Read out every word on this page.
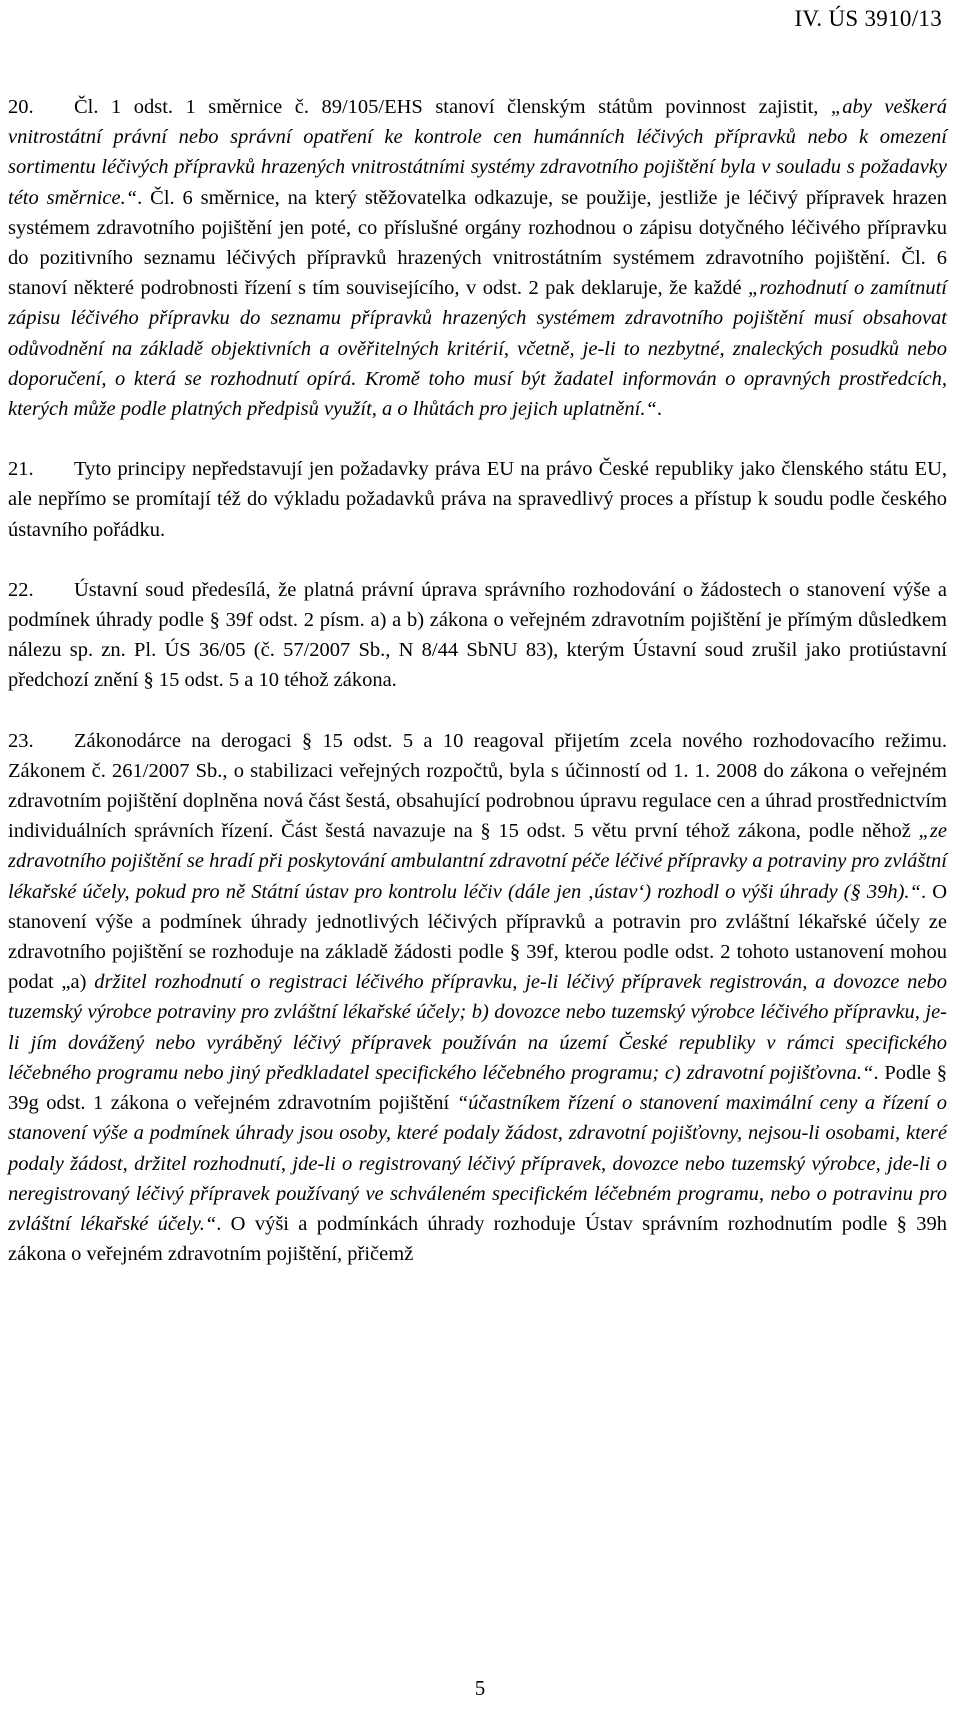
IV. ÚS 3910/13

20. Čl. 1 odst. 1 směrnice č. 89/105/EHS stanoví členským státům povinnost zajistit, „aby veškerá vnitrostátní právní nebo správní opatření ke kontrole cen humánních léčivých přípravků nebo k omezení sortimentu léčivých přípravků hrazených vnitrostátními systémy zdravotního pojištění byla v souladu s požadavky této směrnice.“. Čl. 6 směrnice, na který stěžovatelka odkazuje, se použije, jestliže je léčivý přípravek hrazen systémem zdravotního pojištění jen poté, co příslušné orgány rozhodnou o zápisu dotyčného léčivého přípravku do pozitivního seznamu léčivých přípravků hrazených vnitrostátním systémem zdravotního pojištění. Čl. 6 stanoví některé podrobnosti řízení s tím souvisejícího, v odst. 2 pak deklaruje, že každé „rozhodnutí o zamítnutí zápisu léčivého přípravku do seznamu přípravků hrazených systémem zdravotního pojištění musí obsahovat odůvodnění na základě objektivních a ověřitelných kritérií, včetně, je-li to nezbytné, znaleckých posudků nebo doporučení, o která se rozhodnutí opírá. Kromě toho musí být žadatel informován o opravných prostředcích, kterých může podle platných předpisů využít, a o lhůtách pro jejich uplatnění.“.

21. Tyto principy nepředstavují jen požadavky práva EU na právo České republiky jako členského státu EU, ale nepřímo se promítají též do výkladu požadavků práva na spravedlivý proces a přístup k soudu podle českého ústavního pořádku.

22. Ústavní soud předesílá, že platná právní úprava správního rozhodování o žádostech o stanovení výše a podmínek úhrady podle § 39f odst. 2 písm. a) a b) zákona o veřejném zdravotním pojištění je přímým důsledkem nálezu sp. zn. Pl. ÚS 36/05 (č. 57/2007 Sb., N 8/44 SbNU 83), kterým Ústavní soud zrušil jako protiústavní předchozí znění § 15 odst. 5 a 10 téhož zákona.

23. Zákonodárce na derogaci § 15 odst. 5 a 10 reagoval přijetím zcela nového rozhodovacího režimu. Zákonem č. 261/2007 Sb., o stabilizaci veřejných rozpočtů, byla s účinností od 1. 1. 2008 do zákona o veřejném zdravotním pojištění doplněna nová část šestá, obsahující podrobnou úpravu regulace cen a úhrad prostřednictvím individuálních správních řízení. Část šestá navazuje na § 15 odst. 5 větu první téhož zákona, podle něhož „ze zdravotního pojištění se hradí při poskytování ambulantní zdravotní péče léčivé přípravky a potraviny pro zvláštní lékařské účely, pokud pro ně Státní ústav pro kontrolu léčiv (dále jen ‚ústav‘) rozhodl o výši úhrady (§ 39h).“. O stanovení výše a podmínek úhrady jednotlivých léčivých přípravků a potravin pro zvláštní lékařské účely ze zdravotního pojištění se rozhoduje na základě žádosti podle § 39f, kterou podle odst. 2 tohoto ustanovení mohou podat „a) držitel rozhodnutí o registraci léčivého přípravku, je-li léčivý přípravek registrován, a dovozce nebo tuzemský výrobce potraviny pro zvláštní lékařské účely; b) dovozce nebo tuzemský výrobce léčivého přípravku, je-li jím dovážený nebo vyráběný léčivý přípravek používán na území České republiky v rámci specifického léčebného programu nebo jiný předkladatel specifického léčebného programu; c) zdravotní pojišťovna.“. Podle § 39g odst. 1 zákona o veřejném zdravotním pojištění “účastníkem řízení o stanovení maximální ceny a řízení o stanovení výše a podmínek úhrady jsou osoby, které podaly žádost, zdravotní pojišťovny, nejsou-li osobami, které podaly žádost, držitel rozhodnutí, jde-li o registrovaný léčivý přípravek, dovozce nebo tuzemský výrobce, jde-li o neregistrovaný léčivý přípravek používaný ve schváleném specifickém léčebném programu, nebo o potravinu pro zvláštní lékařské účely.“. O výši a podmínkách úhrady rozhoduje Ústav správním rozhodnutím podle § 39h zákona o veřejném zdravotním pojištění, přičemž

5
